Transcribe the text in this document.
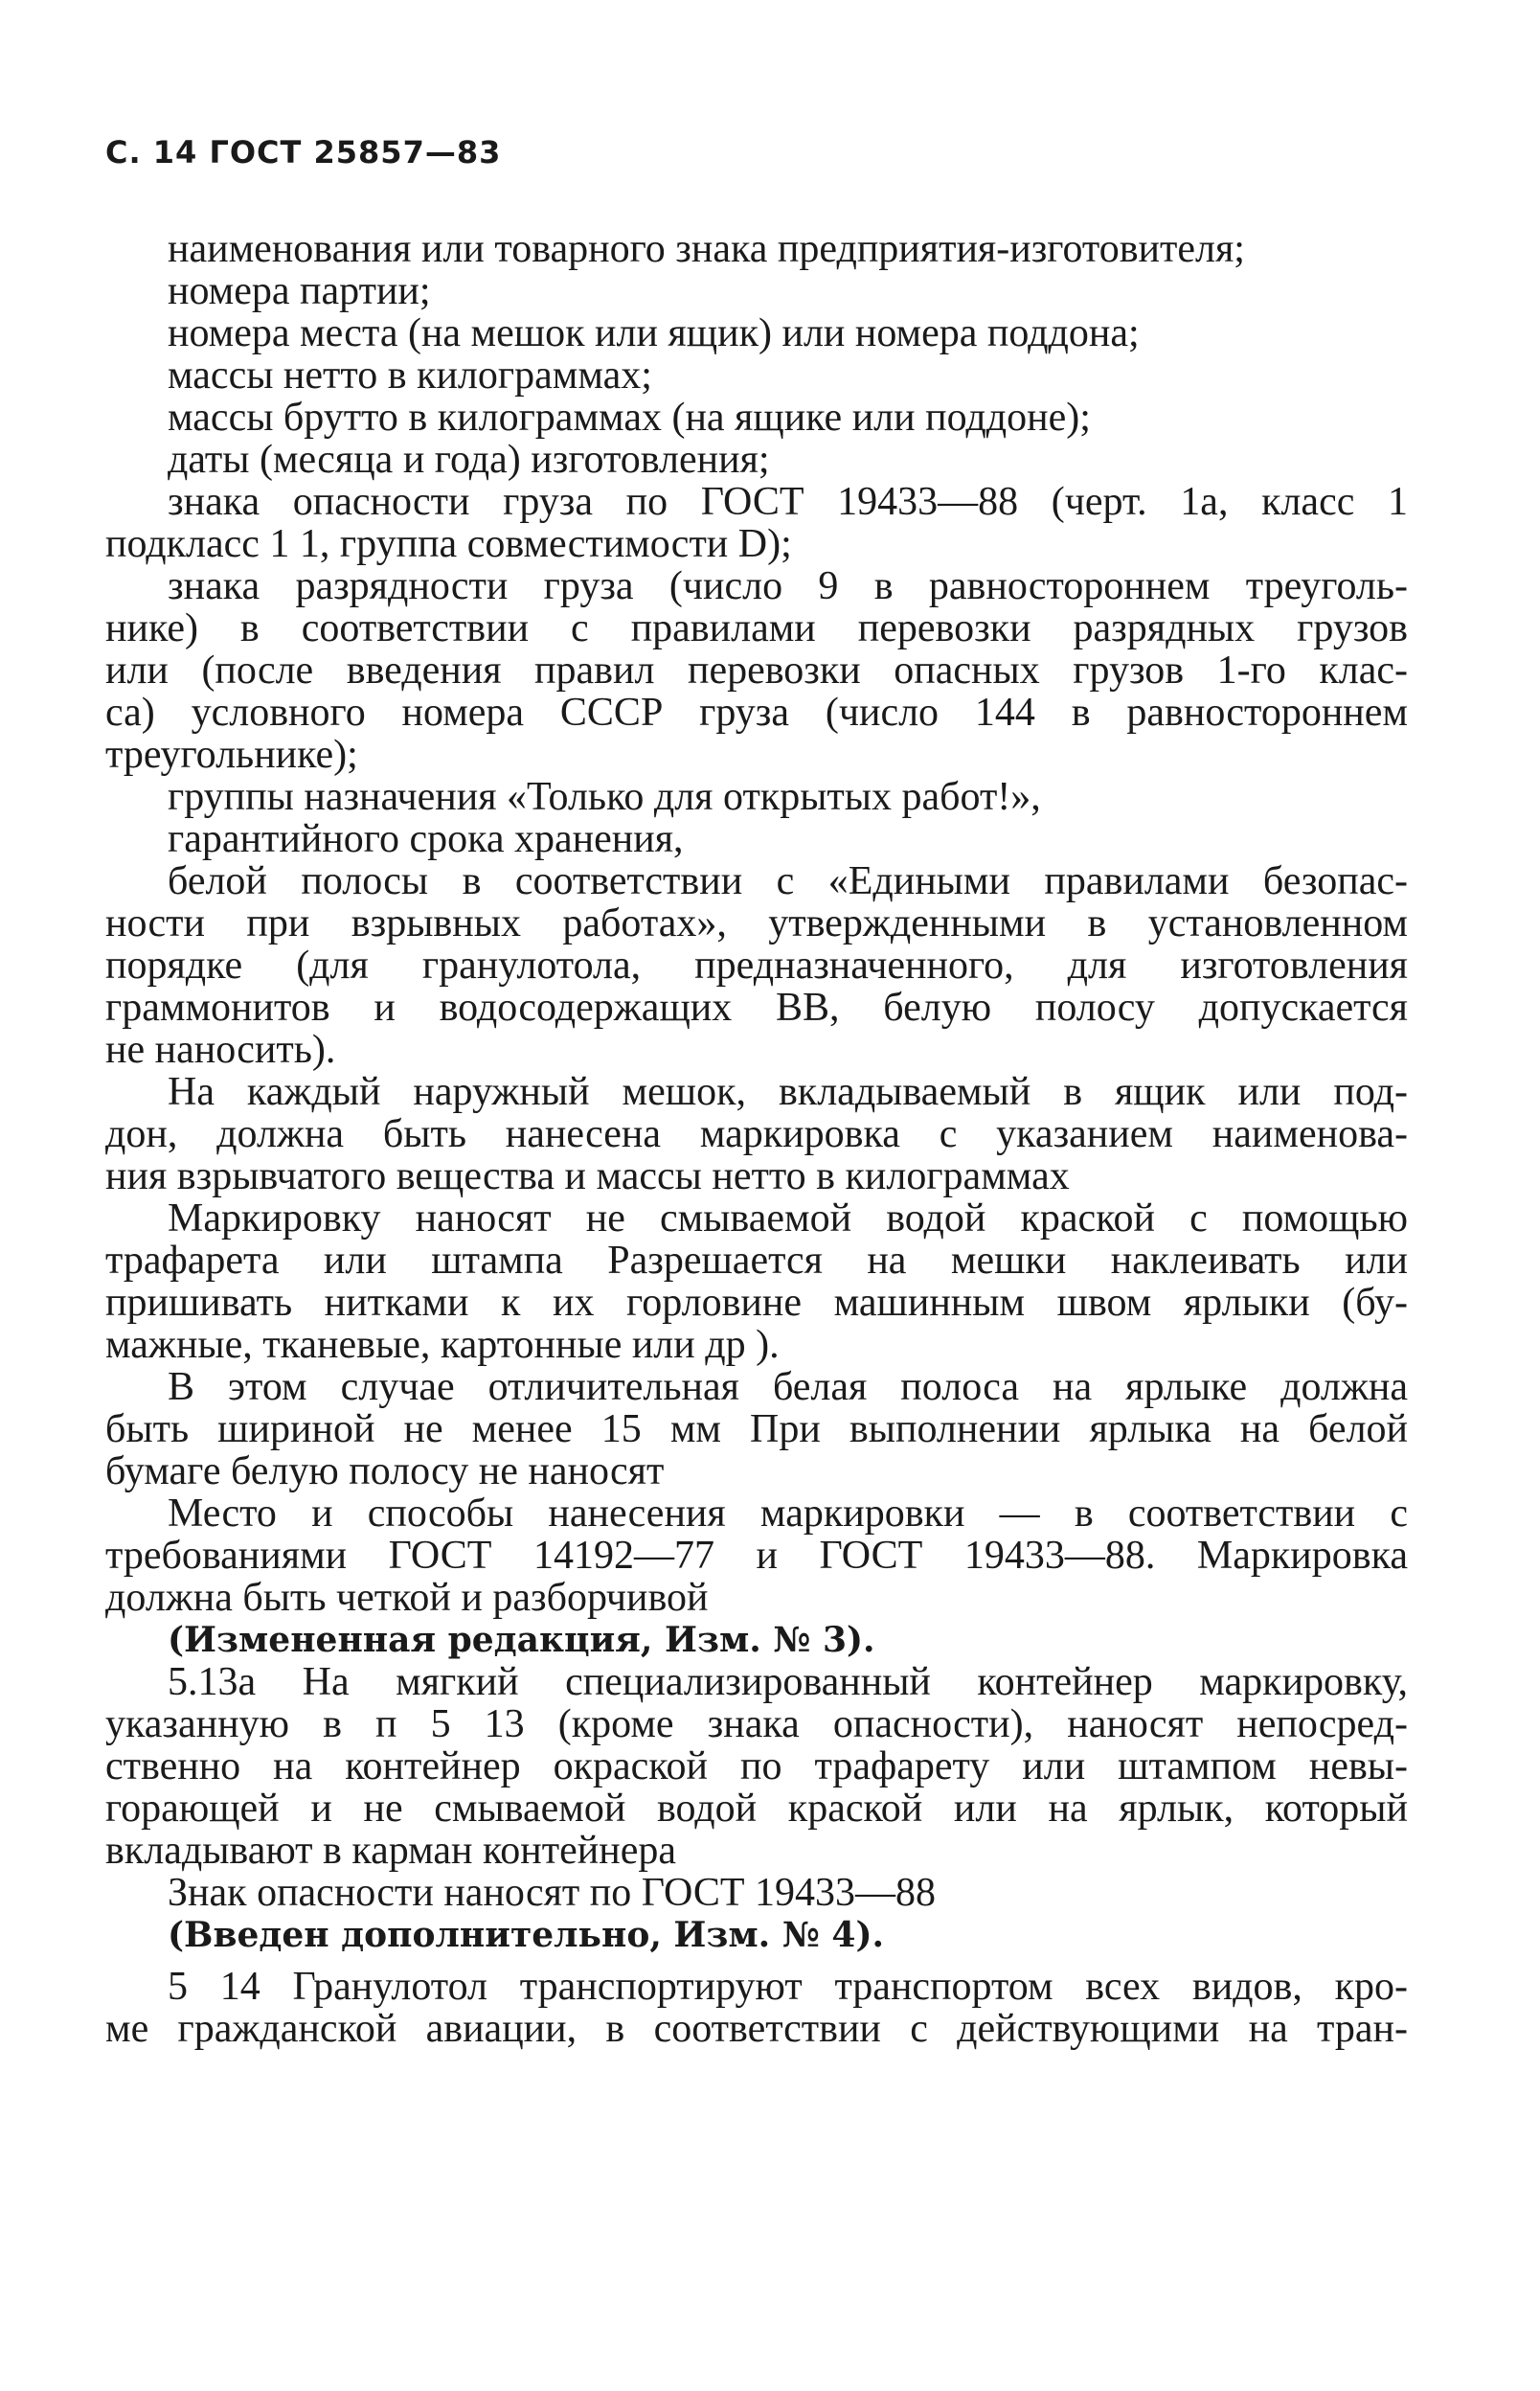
С. 14 ГОСТ 25857—83
наименования или товарного знака предприятия-изготовителя;
номера партии;
номера места (на мешок или ящик) или номера поддона;
массы нетто в килограммах;
массы брутто в килограммах (на ящике или поддоне);
даты (месяца и года) изготовления;
знака опасности груза по ГОСТ 19433—88 (черт. 1а, класс 1
подкласс 1 1, группа совместимости D);
знака разрядности груза (число 9 в равностороннем треуголь-
нике) в соответствии с правилами перевозки разрядных грузов
или (после введения правил перевозки опасных грузов 1-го клас-
са) условного номера СССР груза (число 144 в равностороннем
треугольнике);
группы назначения «Только для открытых работ!»,
гарантийного срока хранения,
белой полосы в соответствии с «Едиными правилами безопас-
ности при взрывных работах», утвержденными в установленном
порядке (для гранулотола, предназначенного, для изготовления
граммонитов и водосодержащих ВВ, белую полосу допускается
не наносить).
На каждый наружный мешок, вкладываемый в ящик или под-
дон, должна быть нанесена маркировка с указанием наименова-
ния взрывчатого вещества и массы нетто в килограммах
Маркировку наносят не смываемой водой краской с помощью
трафарета или штампа Разрешается на мешки наклеивать или
пришивать нитками к их горловине машинным швом ярлыки (бу-
мажные, тканевые, картонные или др ).
В этом случае отличительная белая полоса на ярлыке должна
быть шириной не менее 15 мм При выполнении ярлыка на белой
бумаге белую полосу не наносят
Место и способы нанесения маркировки — в соответствии с
требованиями ГОСТ 14192—77 и ГОСТ 19433—88. Маркировка
должна быть четкой и разборчивой
(Измененная редакция, Изм. № 3).
5.13а На мягкий специализированный контейнер маркировку,
указанную в п 5 13 (кроме знака опасности), наносят непосред-
ственно на контейнер окраской по трафарету или штампом невы-
горающей и не смываемой водой краской или на ярлык, который
вкладывают в карман контейнера
Знак опасности наносят по ГОСТ 19433—88
(Введен дополнительно, Изм. № 4).
5 14 Гранулотол транспортируют транспортом всех видов, кро-
ме гражданской авиации, в соответствии с действующими на тран-
